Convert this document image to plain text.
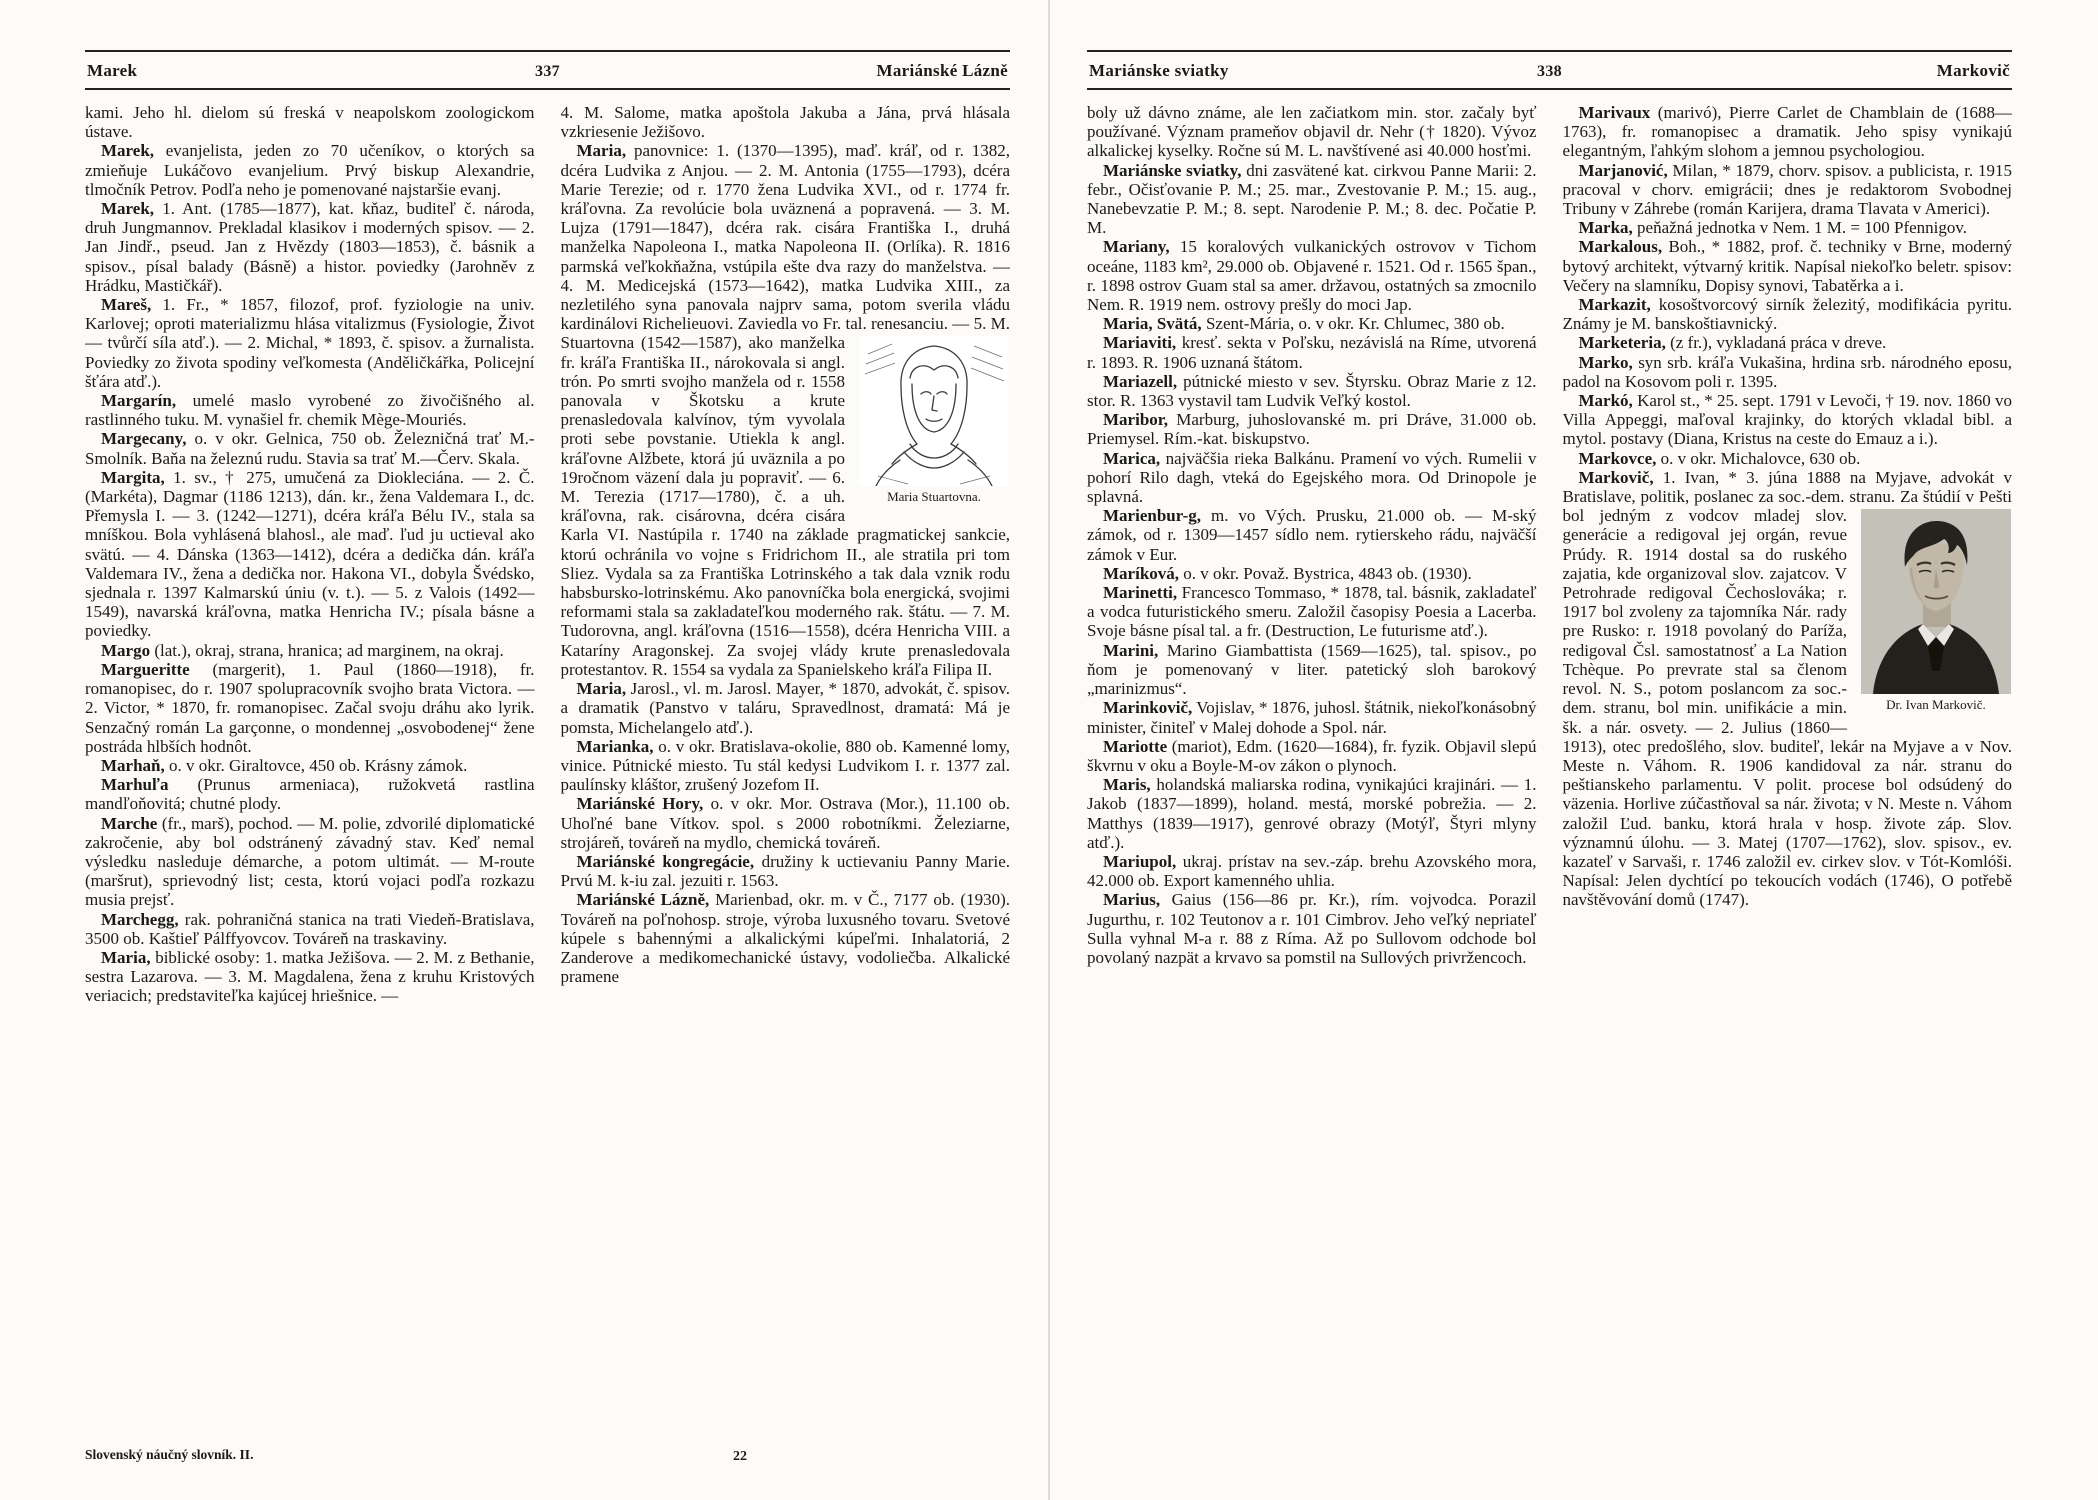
Marek	337	Mariánské Lázně

kami. Jeho hl. dielom sú freská v neapolskom zoologickom ústave.

Marek, evanjelista, jeden zo 70 učeníkov, o ktorých sa zmieňuje Lukáčovo evanjelium. Prvý biskup Alexandrie, tlmočník Petrov. Podľa neho je pomenované najstaršie evanj.

Marek, 1. Ant. (1785—1877), kat. kňaz, buditeľ č. národa, druh Jungmannov. Prekladal klasikov i moderných spisov. — 2. Jan Jindř., pseud. Jan z Hvězdy (1803—1853), č. básnik a spisov., písal balady (Básně) a histor. poviedky (Jarohněv z Hrádku, Mastičkář).

Mareš, 1. Fr., * 1857, filozof, prof. fyziologie na univ. Karlovej; oproti materializmu hlása vitalizmus (Fysiologie, Život — tvůrčí síla atď.). — 2. Michal, * 1893, č. spisov. a žurnalista. Poviedky zo života spodiny veľkomesta (Anděličkářka, Policejní šťára atď.).

Margarín, umelé maslo vyrobené zo živočišného al. rastlinného tuku. M. vynašiel fr. chemik Mège-Mouriés.

Margecany, o. v okr. Gelnica, 750 ob. Železničná trať M.-Smolník. Baňa na železnú rudu. Stavia sa trať M.—Červ. Skala.

Margita, 1. sv., † 275, umučená za Diokleciána. — 2. Č. (Markéta), Dagmar (1186 1213), dán. kr., žena Valdemara I., dc. Přemysla I. — 3. (1242—1271), dcéra kráľa Bélu IV., stala sa mníškou. Bola vyhlásená blahosl., ale maď. ľud ju uctieval ako svätú. — 4. Dánska (1363—1412), dcéra a dedička dán. kráľa Valdemara IV., žena a dedička nor. Hakona VI., dobyla Švédsko, sjednala r. 1397 Kalmarskú úniu (v. t.). — 5. z Valois (1492—1549), navarská kráľovna, matka Henricha IV.; písala básne a poviedky.

Margo (lat.), okraj, strana, hranica; ad marginem, na okraj.

Margueritte (margerit), 1. Paul (1860—1918), fr. romanopisec, do r. 1907 spolupracovník svojho brata Victora. — 2. Victor, * 1870, fr. romanopisec. Začal svoju dráhu ako lyrik. Senzačný román La garçonne, o mondennej „osvobodenej“ žene postráda hlbších hodnôt.

Marhaň, o. v okr. Giraltovce, 450 ob. Krásny zámok.

Marhuľa (Prunus armeniaca), ružokvetá rastlina mandľoňovitá; chutné plody.

Marche (fr., marš), pochod. — M. polie, zdvorilé diplomatické zakročenie, aby bol odstránený závadný stav. Keď nemal výsledku nasleduje démarche, a potom ultimát. — M-route (maršrut), sprievodný list; cesta, ktorú vojaci podľa rozkazu musia prejsť.

Marchegg, rak. pohraničná stanica na trati Viedeň-Bratislava, 3500 ob. Kaštieľ Pálffyovcov. Továreň na traskaviny.

Maria, biblické osoby: 1. matka Ježišova. — 2. M. z Bethanie, sestra Lazarova. — 3. M. Magdalena, žena z kruhu Kristových veriacich; predstaviteľka kajúcej hriešnice. —

4. M. Salome, matka apoštola Jakuba a Jána, prvá hlásala vzkriesenie Ježišovo.

Maria, panovnice: 1. (1370—1395), maď. kráľ, od r. 1382, dcéra Ludvika z Anjou. — 2. M. Antonia (1755—1793), dcéra Marie Terezie; od r. 1770 žena Ludvika XVI., od r. 1774 fr. kráľovna. Za revolúcie bola uväznená a popravená. — 3. M. Lujza (1791—1847), dcéra rak. cisára Františka I., druhá manželka Napoleona I., matka Napoleona II. (Orlíka). R. 1816 parmská veľkokňažna, vstúpila ešte dva razy do manželstva. — 4. M. Medicejská (1573—1642), matka Ludvika XIII., za nezletilého syna panovala najprv sama, potom sverila vládu kardinálovi Richelieuovi. Zaviedla vo Fr. tal. renesanciu.
Maria Stuartovna.
— 5. M. Stuartovna (1542—1587), ako manželka fr. kráľa Františka II., nárokovala si angl. trón. Po smrti svojho manžela od r. 1558 panovala v Škotsku a krute prenasledovala kalvínov, tým vyvolala proti sebe povstanie. Utiekla k angl. kráľovne Alžbete, ktorá jú uväznila a po 19ročnom väzení dala ju popraviť. — 6. M. Terezia (1717—1780), č. a uh. kráľovna, rak. cisárovna, dcéra cisára Karla VI. Nastúpila r. 1740 na základe pragmatickej sankcie, ktorú ochránila vo vojne s Fridrichom II., ale stratila pri tom Sliez. Vydala sa za Františka Lotrinského a tak dala vznik rodu habsbursko-lotrinskému. Ako panovníčka bola energická, svojimi reformami stala sa zakladateľkou moderného rak. štátu. — 7. M. Tudorovna, angl. kráľovna (1516—1558), dcéra Henricha VIII. a Kataríny Aragonskej. Za svojej vlády krute prenasledovala protestantov. R. 1554 sa vydala za Spanielskeho kráľa Filipa II.

Maria, Jarosl., vl. m. Jarosl. Mayer, * 1870, advokát, č. spisov. a dramatik (Panstvo v taláru, Spravedlnost, dramatá: Má je pomsta, Michelangelo atď.).

Marianka, o. v okr. Bratislava-okolie, 880 ob. Kamenné lomy, vinice. Pútnické miesto. Tu stál kedysi Ludvikom I. r. 1377 zal. paulínsky kláštor, zrušený Jozefom II.

Mariánské Hory, o. v okr. Mor. Ostrava (Mor.), 11.100 ob. Uhoľné bane Vítkov. spol. s 2000 robotníkmi. Železiarne, strojáreň, továreň na mydlo, chemická továreň.

Mariánské kongregácie, družiny k uctievaniu Panny Marie. Prvú M. k-iu zal. jezuiti r. 1563.

Mariánské Lázně, Marienbad, okr. m. v Č., 7177 ob. (1930). Továreň na poľnohosp. stroje, výroba luxusného tovaru. Svetové kúpele s bahennými a alkalickými kúpeľmi. Inhalatoriá, 2 Zanderove a medikomechanické ústavy, vodoliečba. Alkalické pramene

Slovenský náučný slovník. II.	22
Mariánske sviatky	338	Markovič

boly už dávno známe, ale len začiatkom min. stor. začaly byť používané. Význam prameňov objavil dr. Nehr († 1820). Vývoz alkalickej kyselky. Ročne sú M. L. navštívené asi 40.000 hosťmi.

Mariánske sviatky, dni zasvätené kat. cirkvou Panne Marii: 2. febr., Očisťovanie P. M.; 25. mar., Zvestovanie P. M.; 15. aug., Nanebevzatie P. M.; 8. sept. Narodenie P. M.; 8. dec. Počatie P. M.

Mariany, 15 koralových vulkanických ostrovov v Tichom oceáne, 1183 km², 29.000 ob. Objavené r. 1521. Od r. 1565 špan., r. 1898 ostrov Guam stal sa amer. državou, ostatných sa zmocnilo Nem. R. 1919 nem. ostrovy prešly do moci Jap.

Maria, Svätá, Szent-Mária, o. v okr. Kr. Chlumec, 380 ob.

Mariaviti, kresť. sekta v Poľsku, nezávislá na Ríme, utvorená r. 1893. R. 1906 uznaná štátom.

Mariazell, pútnické miesto v sev. Štyrsku. Obraz Marie z 12. stor. R. 1363 vystavil tam Ludvik Veľký kostol.

Maribor, Marburg, juhoslovanské m. pri Dráve, 31.000 ob. Priemysel. Rím.-kat. biskupstvo.

Marica, najväčšia rieka Balkánu. Pramení vo vých. Rumelii v pohorí Rilo dagh, vteká do Egejského mora. Od Drinopole je splavná.

Marienbur-g, m. vo Vých. Prusku, 21.000 ob. — M-ský zámok, od r. 1309—1457 sídlo nem. rytierskeho rádu, najväčší zámok v Eur.

Maríková, o. v okr. Považ. Bystrica, 4843 ob. (1930).

Marinetti, Francesco Tommaso, * 1878, tal. básnik, zakladateľ a vodca futuristického smeru. Založil časopisy Poesia a Lacerba. Svoje básne písal tal. a fr. (Destruction, Le futurisme atď.).

Marini, Marino Giambattista (1569—1625), tal. spisov., po ňom je pomenovaný v liter. patetický sloh barokový „marinizmus“.

Marinkovič, Vojislav, * 1876, juhosl. štátnik, niekoľkonásobný minister, činiteľ v Malej dohode a Spol. nár.

Mariotte (mariot), Edm. (1620—1684), fr. fyzik. Objavil slepú škvrnu v oku a Boyle-M-ov zákon o plynoch.

Maris, holandská maliarska rodina, vynikajúci krajinári. — 1. Jakob (1837—1899), holand. mestá, morské pobrežia. — 2. Matthys (1839—1917), genrové obrazy (Motýľ, Štyri mlyny atď.).

Mariupol, ukraj. prístav na sev.-záp. brehu Azovského mora, 42.000 ob. Export kamenného uhlia.

Marius, Gaius (156—86 pr. Kr.), rím. vojvodca. Porazil Jugurthu, r. 102 Teutonov a r. 101 Cimbrov. Jeho veľký nepriateľ Sulla vyhnal M-a r. 88 z Ríma. Až po Sullovom odchode bol povolaný nazpät a krvavo sa pomstil na Sullových privržencoch.

Marivaux (marivó), Pierre Carlet de Chamblain de (1688—1763), fr. romanopisec a dramatik. Jeho spisy vynikajú elegantným, ľahkým slohom a jemnou psychologiou.

Marjanović, Milan, * 1879, chorv. spisov. a publicista, r. 1915 pracoval v chorv. emigrácii; dnes je redaktorom Svobodnej Tribuny v Záhrebe (román Karijera, drama Tlavata v Americi).

Marka, peňažná jednotka v Nem. 1 M. = 100 Pfennigov.

Markalous, Boh., * 1882, prof. č. techniky v Brne, moderný bytový architekt, výtvarný kritik. Napísal niekoľko beletr. spisov: Večery na slamníku, Dopisy synovi, Tabatěrka a i.

Markazit, kosoštvorcový sirník železitý, modifikácia pyritu. Známy je M. banskoštiavnický.

Marketeria, (z fr.), vykladaná práca v dreve.

Marko, syn srb. kráľa Vukašina, hrdina srb. národného eposu, padol na Kosovom poli r. 1395.

Markó, Karol st., * 25. sept. 1791 v Levoči, † 19. nov. 1860 vo Villa Appeggi, maľoval krajinky, do ktorých vkladal bibl. a mytol. postavy (Diana, Kristus na ceste do Emauz a i.).

Markovce, o. v okr. Michalovce, 630 ob.

Markovič, 1. Ivan, * 3. júna 1888 na Myjave, advokát v Bratislave, politik, poslanec za soc.-dem. stranu. Za štúdií v Pešti bol jedným z vodcov
Dr. Ivan Markovič.
mladej slov. generácie a redigoval jej orgán, revue Prúdy. R. 1914 dostal sa do ruského zajatia, kde organizoval slov. zajatcov. V Petrohrade redigoval Čechoslováka; r. 1917 bol zvoleny za tajomníka Nár. rady pre Rusko: r. 1918 povolaný do Paríža, redigoval Čsl. samostatnosť a La Nation Tchèque. Po prevrate stal sa členom revol. N. S., potom poslancom za soc.-dem. stranu, bol min. unifikácie a min. šk. a nár. osvety. — 2. Julius (1860—1913), otec predošlého, slov. buditeľ, lekár na Myjave a v Nov. Meste n. Váhom. R. 1906 kandidoval za nár. stranu do peštianskeho parlamentu. V polit. procese bol odsúdený do väzenia. Horlive zúčastňoval sa nár. života; v N. Meste n. Váhom založil Ľud. banku, ktorá hrala v hosp. živote záp. Slov. významnú úlohu. — 3. Matej (1707—1762), slov. spisov., ev. kazateľ v Sarvaši, r. 1746 založil ev. cirkev slov. v Tót-Komlóši. Napísal: Jelen dychtící po tekoucích vodách (1746), O potřebě navštěvování domů (1747).
